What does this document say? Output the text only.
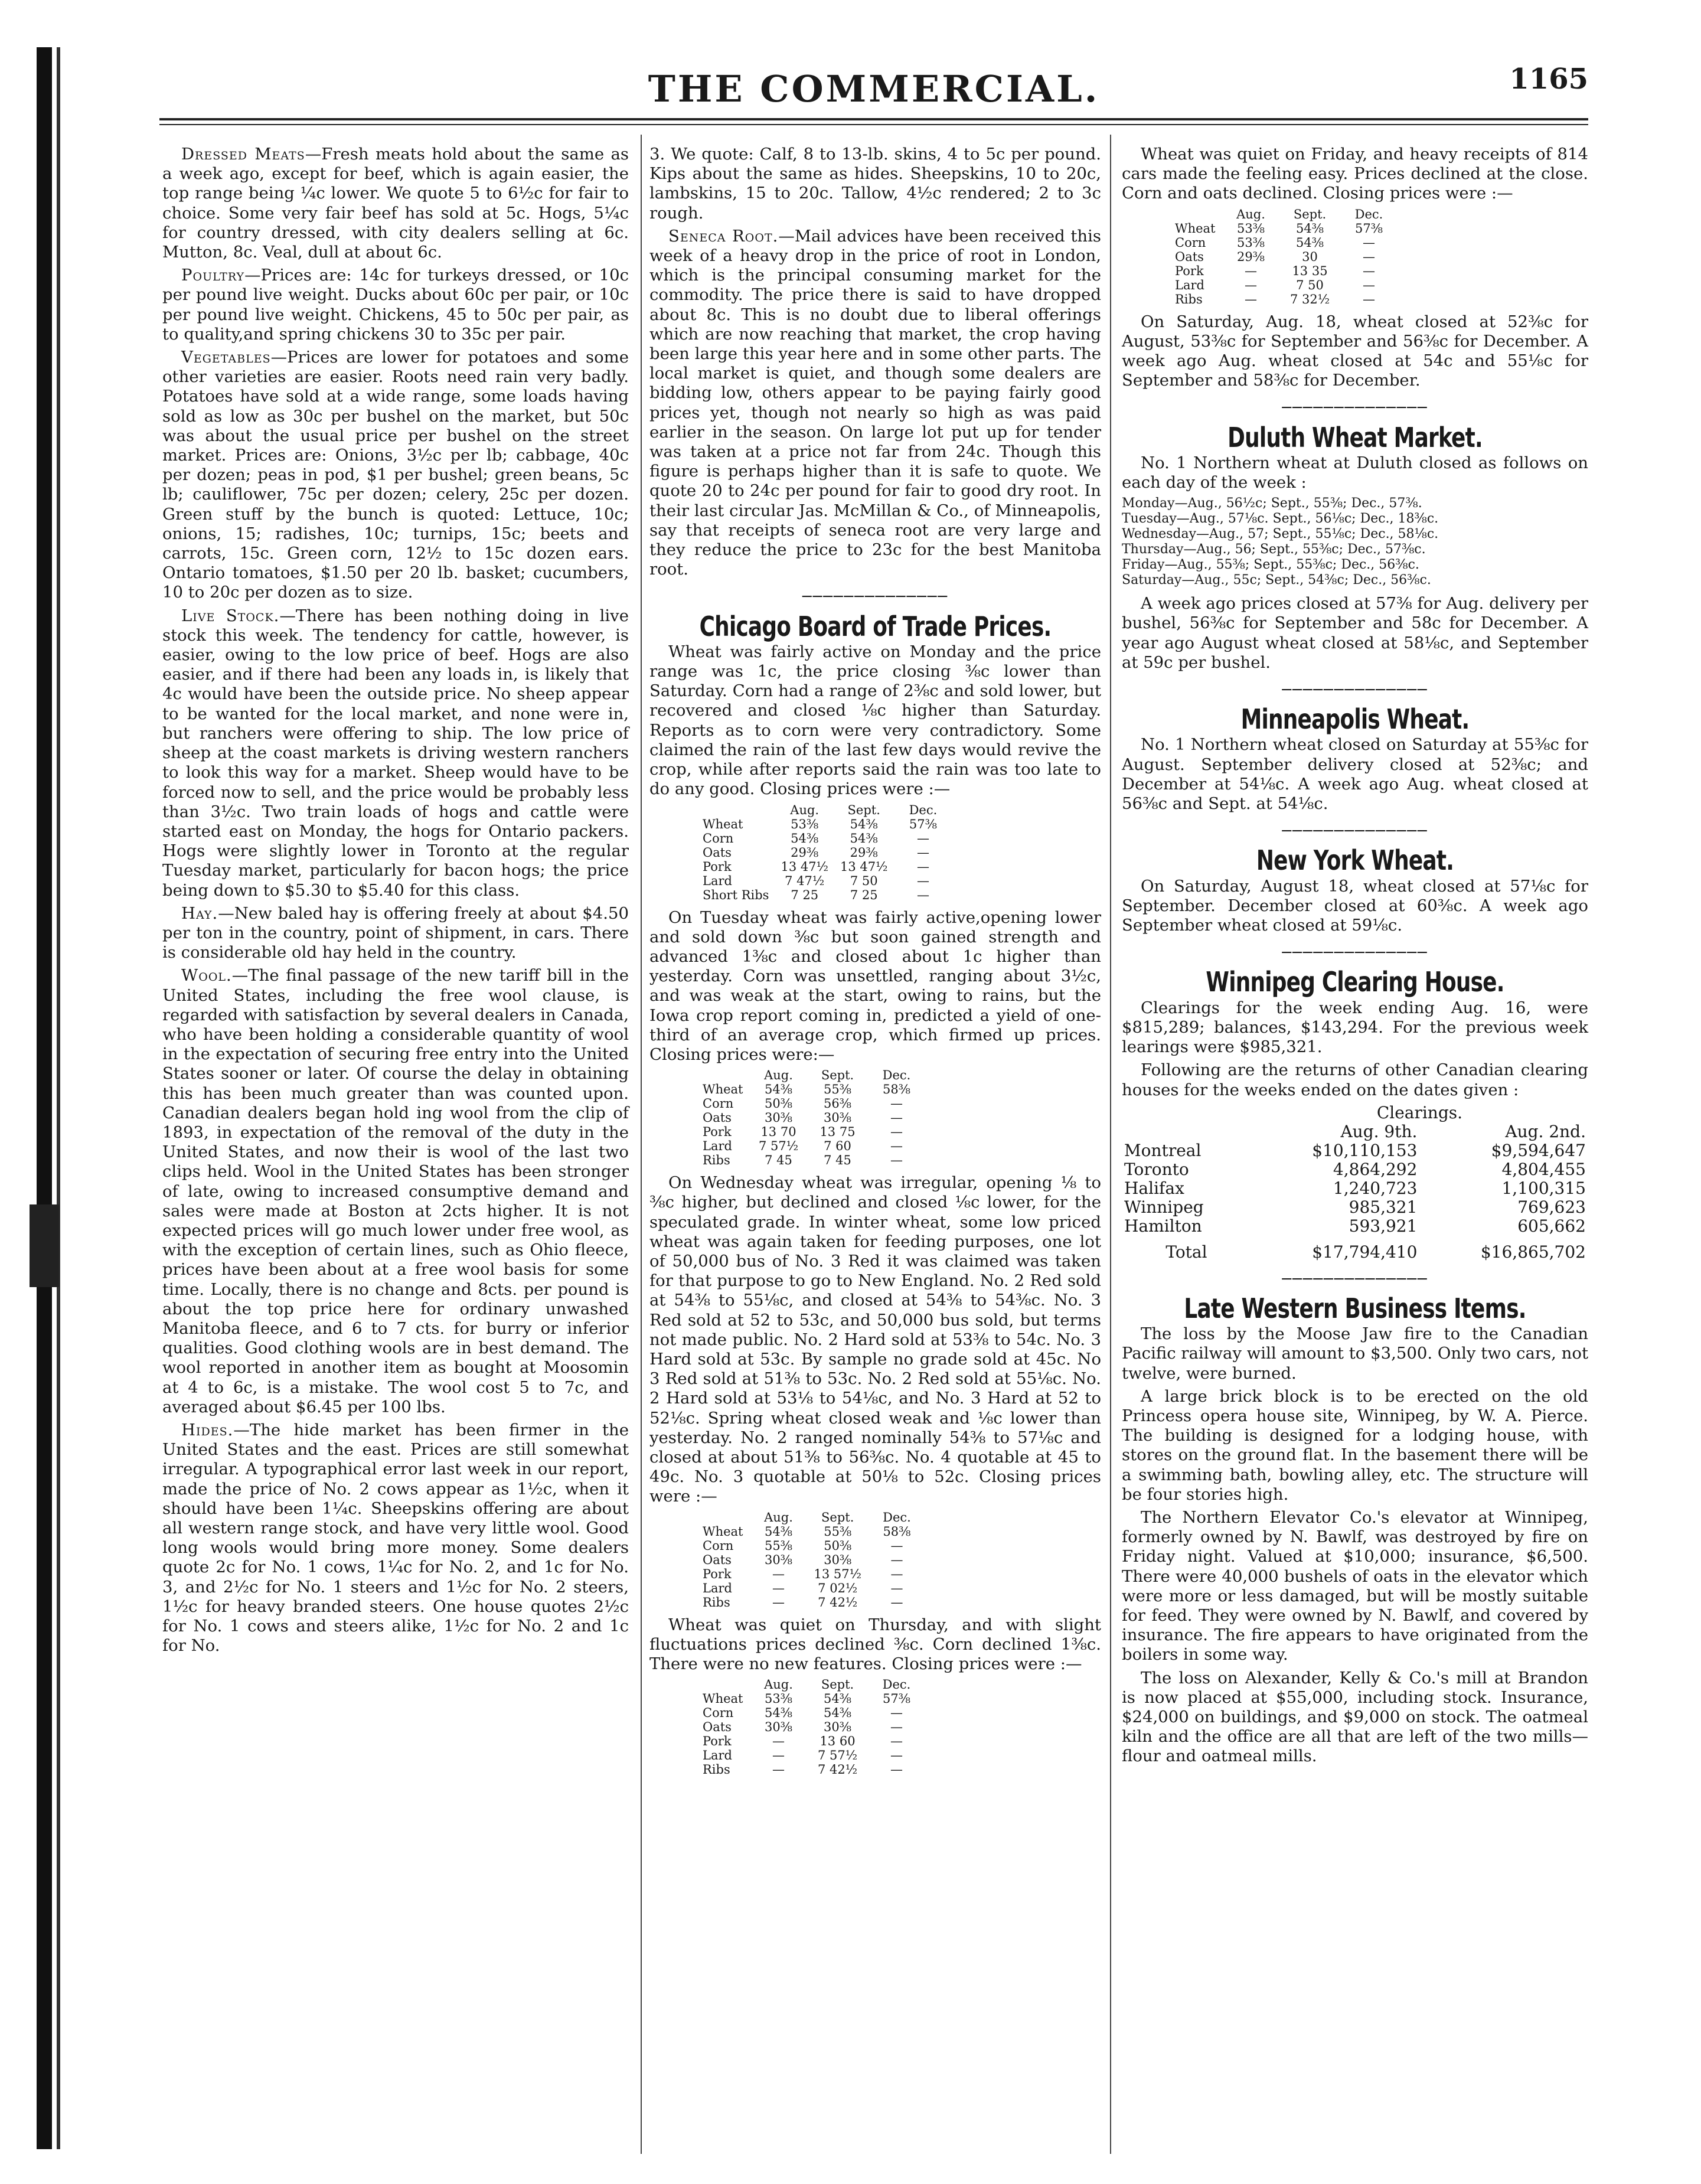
THE COMMERCIAL.	1165

Dressed Meats—Fresh meats hold about the same as a week ago, except for beef, which is again easier, the top range being ¼c lower. We quote 5 to 6½c for fair to choice. Some very fair beef has sold at 5c. Hogs, 5¼c for country dressed, with city dealers selling at 6c. Mutton, 8c. Veal, dull at about 6c.

Poultry—Prices are: 14c for turkeys dressed, or 10c per pound live weight. Ducks about 60c per pair, or 10c per pound live weight. Chickens, 45 to 50c per pair, as to quality,and spring chickens 30 to 35c per pair.

Vegetables—Prices are lower for potatoes and some other varieties are easier. Roots need rain very badly. Potatoes have sold at a wide range, some loads having sold as low as 30c per bushel on the market, but 50c was about the usual price per bushel on the street market. Prices are: Onions, 3½c per lb; cabbage, 40c per dozen; peas in pod, $1 per bushel; green beans, 5c lb; cauliflower, 75c per dozen; celery, 25c per dozen. Green stuff by the bunch is quoted: Lettuce, 10c; onions, 15; radishes, 10c; turnips, 15c; beets and carrots, 15c. Green corn, 12½ to 15c dozen ears. Ontario tomatoes, $1.50 per 20 lb. basket; cucumbers, 10 to 20c per dozen as to size.

Live Stock.—There has been nothing doing in live stock this week. The tendency for cattle, however, is easier, owing to the low price of beef. Hogs are also easier, and if there had been any loads in, is likely that 4c would have been the outside price. No sheep appear to be wanted for the local market, and none were in, but ranchers were offering to ship. The low price of sheep at the coast markets is driving western ranchers to look this way for a market. Sheep would have to be forced now to sell, and the price would be probably less than 3½c. Two train loads of hogs and cattle were started east on Monday, the hogs for Ontario packers. Hogs were slightly lower in Toronto at the regular Tuesday market, particularly for bacon hogs; the price being down to $5.30 to $5.40 for this class.

Hay.—New baled hay is offering freely at about $4.50 per ton in the country, point of shipment, in cars. There is considerable old hay held in the country.

Wool.—The final passage of the new tariff bill in the United States, including the free wool clause, is regarded with satisfaction by several dealers in Canada, who have been holding a considerable quantity of wool in the expectation of securing free entry into the United States sooner or later. Of course the delay in obtaining this has been much greater than was counted upon. Canadian dealers began hold ing wool from the clip of 1893, in expectation of the removal of the duty in the United States, and now their is wool of the last two clips held. Wool in the United States has been stronger of late, owing to increased consumptive demand and sales were made at Boston at 2cts higher. It is not expected prices will go much lower under free wool, as with the exception of certain lines, such as Ohio fleece, prices have been about at a free wool basis for some time. Locally, there is no change and 8cts. per pound is about the top price here for ordinary unwashed Manitoba fleece, and 6 to 7 cts. for burry or inferior qualities. Good clothing wools are in best demand. The wool reported in another item as bought at Moosomin at 4 to 6c, is a mistake. The wool cost 5 to 7c, and averaged about $6.45 per 100 lbs.

Hides.—The hide market has been firmer in the United States and the east. Prices are still somewhat irregular. A typographical error last week in our report, made the price of No. 2 cows appear as 1½c, when it should have been 1¼c. Sheepskins offering are about all western range stock, and have very little wool. Good long wools would bring more money. Some dealers quote 2c for No. 1 cows, 1¼c for No. 2, and 1c for No. 3, and 2½c for No. 1 steers and 1½c for No. 2 steers, 1½c for heavy branded steers. One house quotes 2½c for No. 1 cows and steers alike, 1½c for No. 2 and 1c for No.

3. We quote: Calf, 8 to 13-lb. skins, 4 to 5c per pound. Kips about the same as hides. Sheepskins, 10 to 20c, lambskins, 15 to 20c. Tallow, 4½c rendered; 2 to 3c rough.

Seneca Root.—Mail advices have been received this week of a heavy drop in the price of root in London, which is the principal consuming market for the commodity. The price there is said to have dropped about 8c. This is no doubt due to liberal offerings which are now reaching that market, the crop having been large this year here and in some other parts. The local market is quiet, and though some dealers are bidding low, others appear to be paying fairly good prices yet, though not nearly so high as was paid earlier in the season. On large lot put up for tender was taken at a price not far from 24c. Though this figure is perhaps higher than it is safe to quote. We quote 20 to 24c per pound for fair to good dry root. In their last circular Jas. McMillan & Co., of Minneapolis, say that receipts of seneca root are very large and they reduce the price to 23c for the best Manitoba root.

─────── ───────
Chicago Board of Trade Prices.

Wheat was fairly active on Monday and the price range was 1c, the price closing ⅜c lower than Saturday. Corn had a range of 2⅜c and sold lower, but recovered and closed ⅛c higher than Saturday. Reports as to corn were very contradictory. Some claimed the rain of the last few days would revive the crop, while after reports said the rain was too late to do any good. Closing prices were :—

	Aug.	Sept.	Dec.
Wheat	53⅜	54⅜	57⅜
Corn	54⅜	54⅜	—
Oats	29⅜	29⅜	—
Pork	13 47½	13 47½	—
Lard	7 47½	7 50	—
Short Ribs	7 25	7 25	—

On Tuesday wheat was fairly active,opening lower and sold down ⅜c but soon gained strength and advanced 1⅜c and closed about 1c higher than yesterday. Corn was unsettled, ranging about 3½c, and was weak at the start, owing to rains, but the Iowa crop report coming in, predicted a yield of one-third of an average crop, which firmed up prices. Closing prices were:—

	Aug.	Sept.	Dec.
Wheat	54⅜	55⅜	58⅜
Corn	50⅜	56⅜	—
Oats	30⅜	30⅜	—
Pork	13 70	13 75	—
Lard	7 57½	7 60	—
Ribs	7 45	7 45	—

On Wednesday wheat was irregular, opening ⅛ to ⅜c higher, but declined and closed ⅛c lower, for the speculated grade. In winter wheat, some low priced wheat was again taken for feeding purposes, one lot of 50,000 bus of No. 3 Red it was claimed was taken for that purpose to go to New England. No. 2 Red sold at 54⅜ to 55⅛c, and closed at 54⅜ to 54⅜c. No. 3 Red sold at 52 to 53c, and 50,000 bus sold, but terms not made public. No. 2 Hard sold at 53⅜ to 54c. No. 3 Hard sold at 53c. By sample no grade sold at 45c. No 3 Red sold at 51⅜ to 53c. No. 2 Red sold at 55⅛c. No. 2 Hard sold at 53⅛ to 54⅛c, and No. 3 Hard at 52 to 52⅛c. Spring wheat closed weak and ⅛c lower than yesterday. No. 2 ranged nominally 54⅜ to 57⅛c and closed at about 51⅜ to 56⅜c. No. 4 quotable at 45 to 49c. No. 3 quotable at 50⅛ to 52c. Closing prices were :—

	Aug.	Sept.	Dec.
Wheat	54⅜	55⅜	58⅜
Corn	55⅜	50⅜	—
Oats	30⅜	30⅜	—
Pork	—	13 57½	—
Lard	—	7 02½	—
Ribs	—	7 42½	—

Wheat was quiet on Thursday, and with slight fluctuations prices declined ⅜c. Corn declined 1⅜c. There were no new features. Closing prices were :—

	Aug.	Sept.	Dec.
Wheat	53⅜	54⅜	57⅜
Corn	54⅜	54⅜	—
Oats	30⅜	30⅜	—
Pork	—	13 60	—
Lard	—	7 57½	—
Ribs	—	7 42½	—

Wheat was quiet on Friday, and heavy receipts of 814 cars made the feeling easy. Prices declined at the close. Corn and oats declined. Closing prices were :—

	Aug.	Sept.	Dec.
Wheat	53⅜	54⅜	57⅜
Corn	53⅜	54⅜	—
Oats	29⅜	30	—
Pork	—	13 35	—
Lard	—	7 50	—
Ribs	—	7 32½	—

On Saturday, Aug. 18, wheat closed at 52⅜c for August, 53⅜c for September and 56⅜c for December. A week ago Aug. wheat closed at 54c and 55⅛c for September and 58⅜c for December.

─────── ───────
Duluth Wheat Market.

No. 1 Northern wheat at Duluth closed as follows on each day of the week :

Monday—Aug., 56½c; Sept., 55⅜; Dec., 57⅜.
Tuesday—Aug., 57⅛c. Sept., 56⅛c; Dec., 18⅜c.
Wednesday—Aug., 57; Sept., 55⅛c; Dec., 58⅛c.
Thursday—Aug., 56; Sept., 55⅜c; Dec., 57⅜c.
Friday—Aug., 55⅜; Sept., 55⅜c; Dec., 56⅜c.
Saturday—Aug., 55c; Sept., 54⅜c; Dec., 56⅜c.

A week ago prices closed at 57⅜ for Aug. delivery per bushel, 56⅜c for September and 58c for December. A year ago August wheat closed at 58⅛c, and September at 59c per bushel.

─────── ───────
Minneapolis Wheat.

No. 1 Northern wheat closed on Saturday at 55⅜c for August. September delivery closed at 52⅜c; and December at 54⅛c. A week ago Aug. wheat closed at 56⅜c and Sept. at 54⅛c.

─────── ───────
New York Wheat.

On Saturday, August 18, wheat closed at 57⅛c for September. December closed at 60⅜c. A week ago September wheat closed at 59⅛c.

─────── ───────
Winnipeg Clearing House.

Clearings for the week ending Aug. 16, were $815,289; balances, $143,294. For the previous week learings were $985,321.

Following are the returns of other Canadian clearing houses for the weeks ended on the dates given :

	Clearings.	
	Aug. 9th.	Aug. 2nd.
Montreal	$10,110,153	$9,594,647
Toronto	4,864,292	4,804,455
Halifax	1,240,723	1,100,315
Winnipeg	985,321	769,623
Hamilton	593,921	605,662
Total	$17,794,410	$16,865,702
─────── ───────
Late Western Business Items.

The loss by the Moose Jaw fire to the Canadian Pacific railway will amount to $3,500. Only two cars, not twelve, were burned.

A large brick block is to be erected on the old Princess opera house site, Winnipeg, by W. A. Pierce. The building is designed for a lodging house, with stores on the ground flat. In the basement there will be a swimming bath, bowling alley, etc. The structure will be four stories high.

The Northern Elevator Co.'s elevator at Winnipeg, formerly owned by N. Bawlf, was destroyed by fire on Friday night. Valued at $10,000; insurance, $6,500. There were 40,000 bushels of oats in the elevator which were more or less damaged, but will be mostly suitable for feed. They were owned by N. Bawlf, and covered by insurance. The fire appears to have originated from the boilers in some way.

The loss on Alexander, Kelly & Co.'s mill at Brandon is now placed at $55,000, including stock. Insurance, $24,000 on buildings, and $9,000 on stock. The oatmeal kiln and the office are all that are left of the two mills—flour and oatmeal mills.
